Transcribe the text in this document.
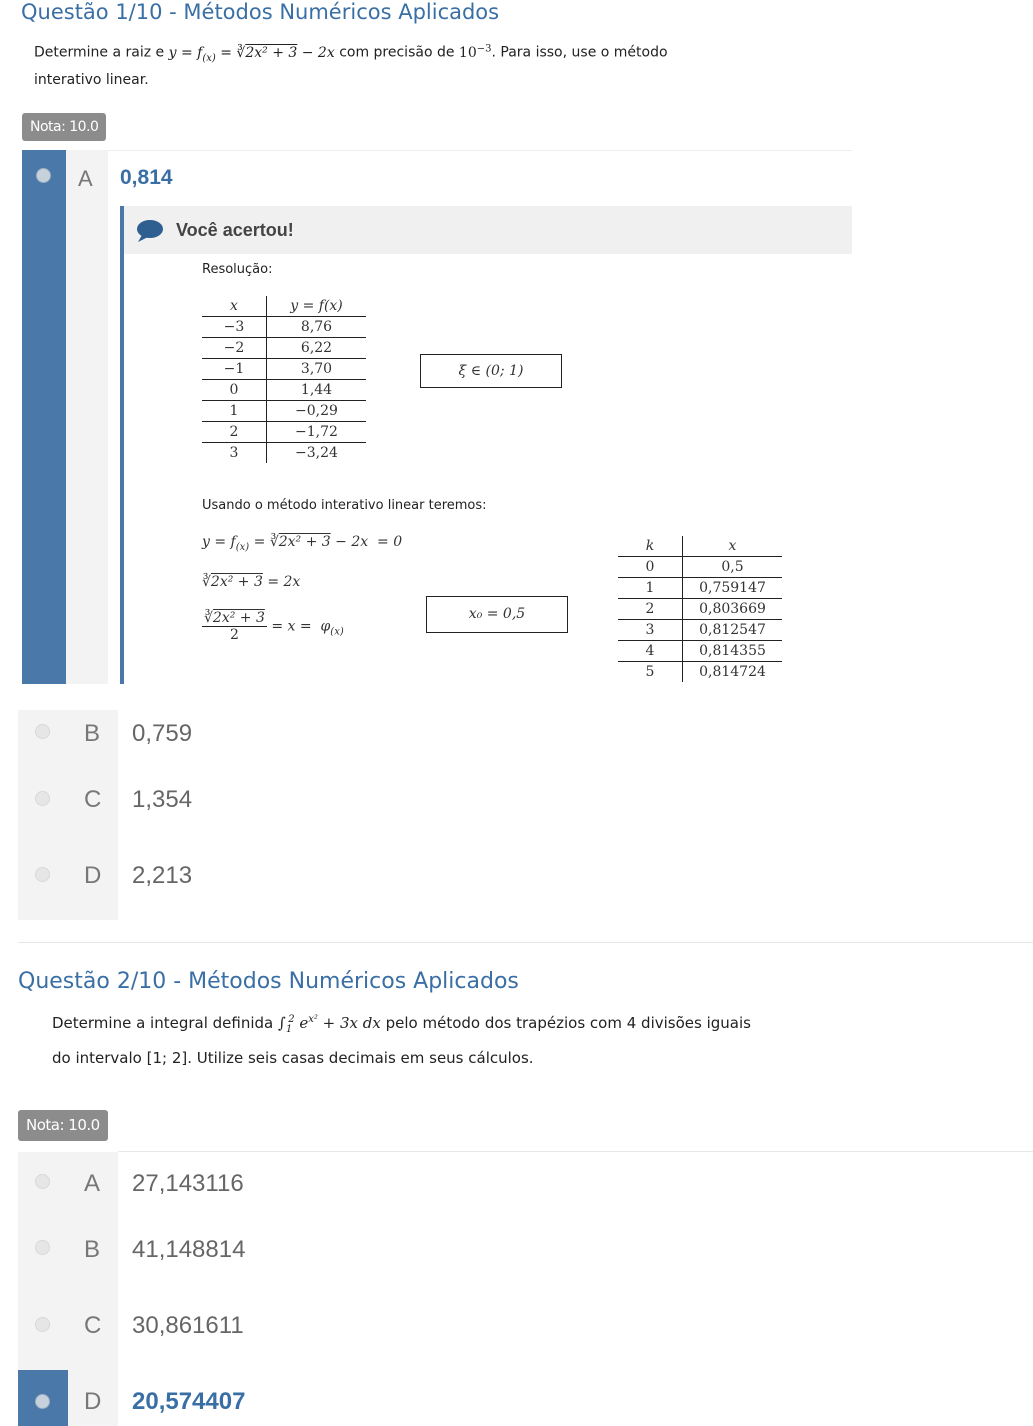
Questão 1/10 - Métodos Numéricos Aplicados
Determine a raiz e $y = f_{(x)}$ = ∛2x² + 3 − 2x com precisão de $10^{-3}$. Para isso, use o método
interativo linear.
Nota: 10.0
A 0,814
Você acertou!
Resolução:
x	y = f(x)
−3	8,76
−2	6,22
−1	3,70
0	1,44
1	−0,29
2	−1,72
3	−3,24
ξ ∈ (0; 1)
Usando o método interativo linear teremos:
$y = f_{(x)}$ = ∛2x² + 3 − 2x  = 0
∛2x² + 3 = 2x
$\frac{\text{∛2x² + 3}}{2} = x = \varphi_{(x)}$
x₀ = 0,5
k	x
0	0,5
1	0,759147
2	0,803669
3	0,812547
4	0,814355
5	0,814724
B 0,759
C 1,354
D 2,213
Questão 2/10 - Métodos Numéricos Aplicados
Determine a integral definida $\int_1^2$ $e^{x^2} + 3x$ dx pelo método dos trapézios com 4 divisões iguais
do intervalo [1; 2]. Utilize seis casas decimais em seus cálculos.
Nota: 10.0
A 27,143116
B 41,148814
C 30,861611
D 20,574407
